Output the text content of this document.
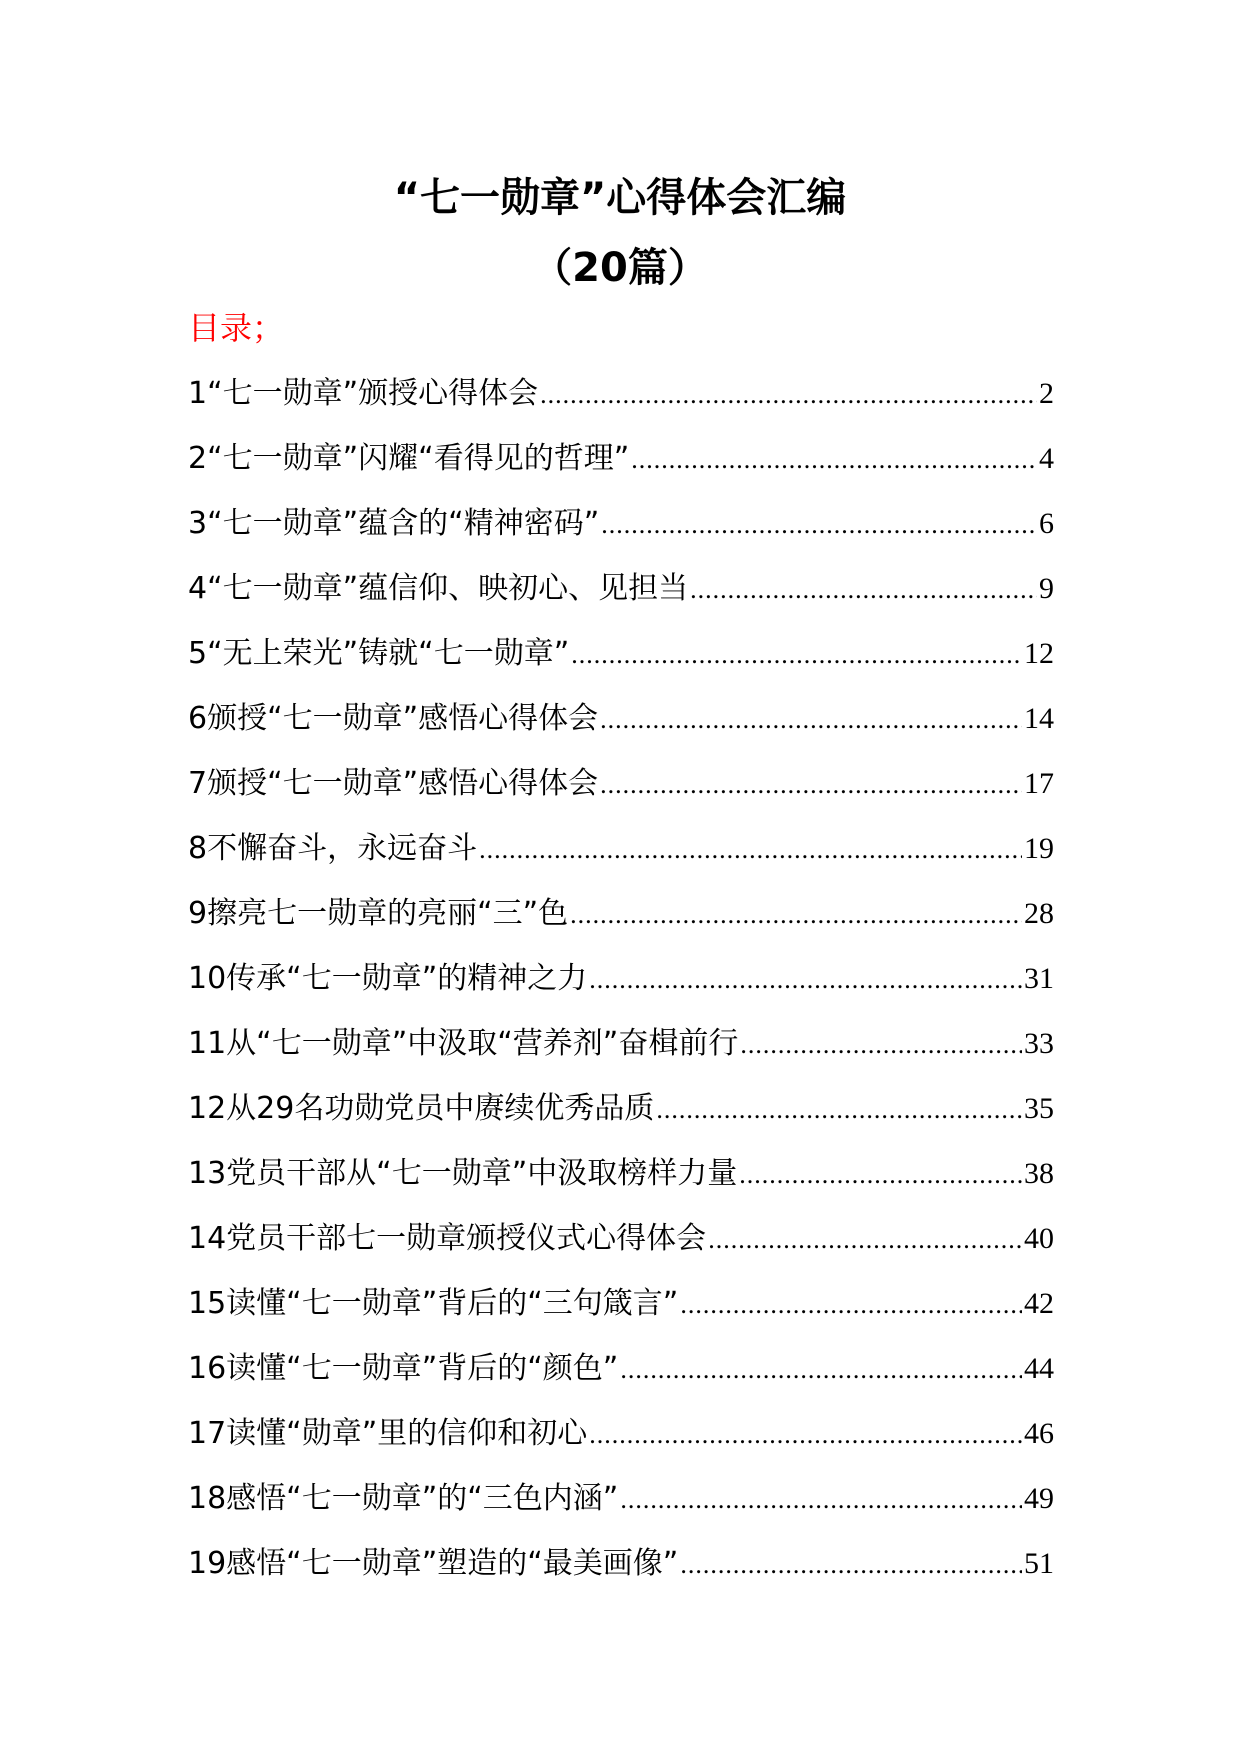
“七一勋章”心得体会汇编
（20篇）
目录；
1“七一勋章”颁授心得体会 .....	2
2“七一勋章”闪耀“看得见的哲理” .....	4
3“七一勋章”蕴含的“精神密码” .....	6
4“七一勋章”蕴信仰、映初心、见担当 .....	9
5“无上荣光”铸就“七一勋章” .....	12
6颁授“七一勋章”感悟心得体会 .....	14
7颁授“七一勋章”感悟心得体会 .....	17
8不懈奋斗，永远奋斗 .....	19
9擦亮七一勋章的亮丽“三”色 .....	28
10传承“七一勋章”的精神之力 .....	31
11从“七一勋章”中汲取“营养剂”奋楫前行 .....	33
12从29名功勋党员中赓续优秀品质 .....	35
13党员干部从“七一勋章”中汲取榜样力量 .....	38
14党员干部七一勋章颁授仪式心得体会 .....	40
15读懂“七一勋章”背后的“三句箴言” .....	42
16读懂“七一勋章”背后的“颜色” .....	44
17读懂“勋章”里的信仰和初心 .....	46
18感悟“七一勋章”的“三色内涵” .....	49
19感悟“七一勋章”塑造的“最美画像” .....	51
